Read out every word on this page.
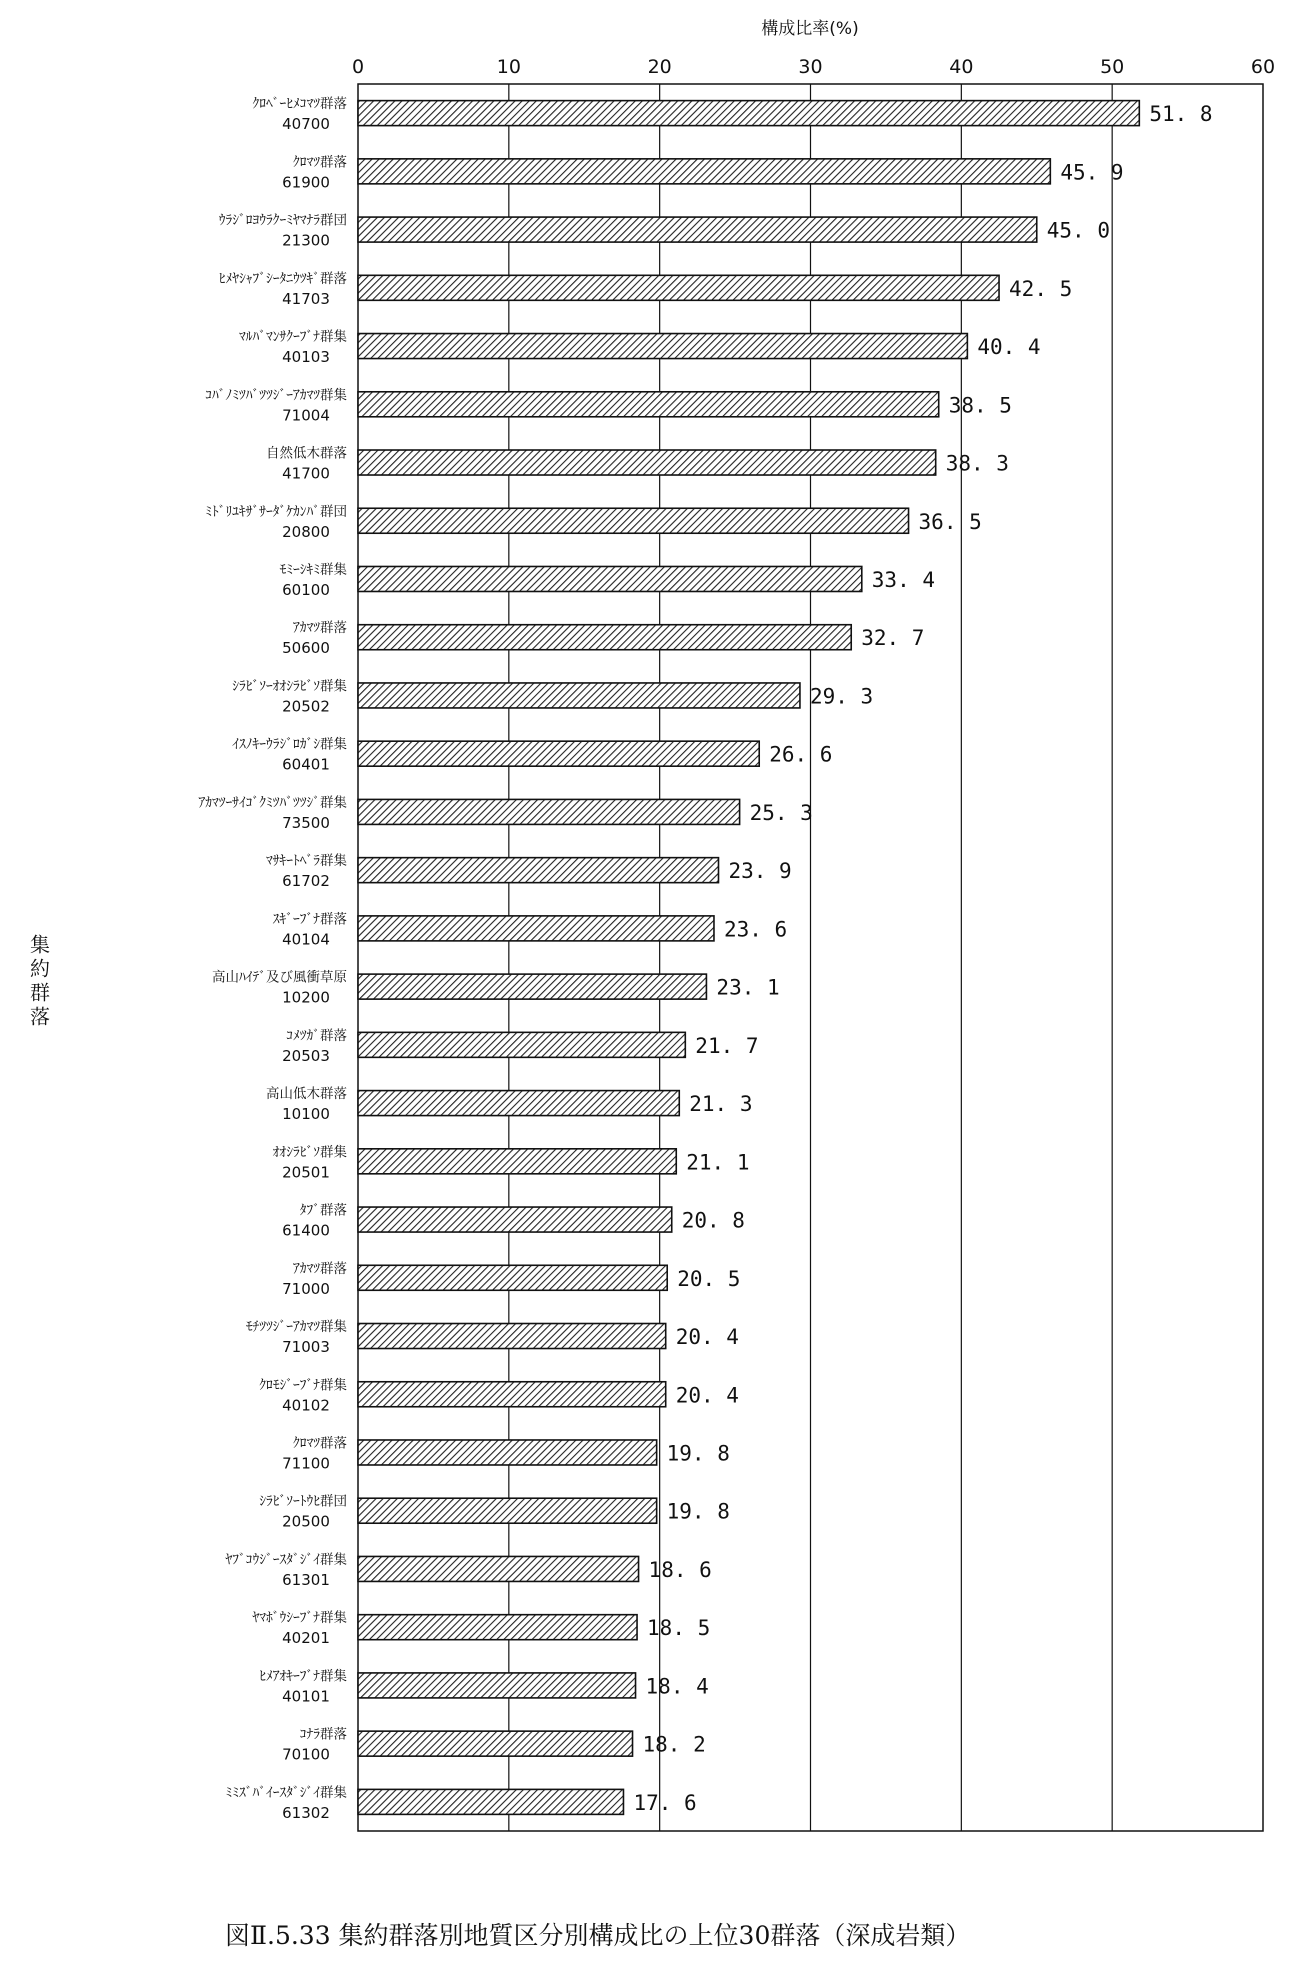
構成比率(%)
0	10	20	30	40	50	60
ｸﾛﾍﾞｰﾋﾒｺﾏﾂ群落
40700
ｸﾛﾏﾂ群落
61900
ｳﾗｼﾞﾛﾖｳﾗｸｰﾐﾔﾏﾅﾗ群団
21300
ﾋﾒﾔｼｬﾌﾞｼｰﾀﾆｳﾂｷﾞ群落
41703
ﾏﾙﾊﾞﾏﾝｻｸｰﾌﾞﾅ群集
40103
ｺﾊﾞﾉﾐﾂﾊﾞﾂﾂｼﾞｰｱｶﾏﾂ群集
71004
自然低木群落
41700
ﾐﾄﾞﾘﾕｷｻﾞｻｰﾀﾞｹｶﾝﾊﾞ群団
20800
ﾓﾐｰｼｷﾐ群集
60100
ｱｶﾏﾂ群落
50600
ｼﾗﾋﾞｿｰｵｵｼﾗﾋﾞｿ群集
20502
ｲｽﾉｷｰｳﾗｼﾞﾛｶﾞｼ群集
60401
ｱｶﾏﾂｰｻｲｺﾞｸﾐﾂﾊﾞﾂﾂｼﾞ群集
73500
ﾏｻｷｰﾄﾍﾞﾗ群集
61702
ｽｷﾞｰﾌﾞﾅ群落
40104
高山ﾊｲﾃﾞ及び風衝草原
10200
ｺﾒﾂｶﾞ群落
20503
高山低木群落
10100
ｵｵｼﾗﾋﾞｿ群集
20501
ﾀﾌﾞ群落
61400
ｱｶﾏﾂ群落
71000
ﾓﾁﾂﾂｼﾞｰｱｶﾏﾂ群集
71003
ｸﾛﾓｼﾞｰﾌﾞﾅ群集
40102
ｸﾛﾏﾂ群落
71100
ｼﾗﾋﾞｿｰﾄｳﾋ群団
20500
ﾔﾌﾞｺｳｼﾞｰｽﾀﾞｼﾞｲ群集
61301
ﾔﾏﾎﾞｳｼｰﾌﾞﾅ群集
40201
ﾋﾒｱｵｷｰﾌﾞﾅ群集
40101
ｺﾅﾗ群落
70100
ﾐﾐｽﾞﾊﾞｲｰｽﾀﾞｼﾞｲ群集
61302
51. 8
45. 9
45. 0
42. 5
40. 4
38. 5
38. 3
36. 5
33. 4
32. 7
29. 3
26. 6
25. 3
23. 9
23. 6
23. 1
21. 7
21. 3
21. 1
20. 8
20. 5
20. 4
20. 4
19. 8
19. 8
18. 6
18. 5
18. 4
18. 2
17. 6
集
約
群
落
図Ⅱ.5.33 集約群落別地質区分別構成比の上位30群落（深成岩類）
